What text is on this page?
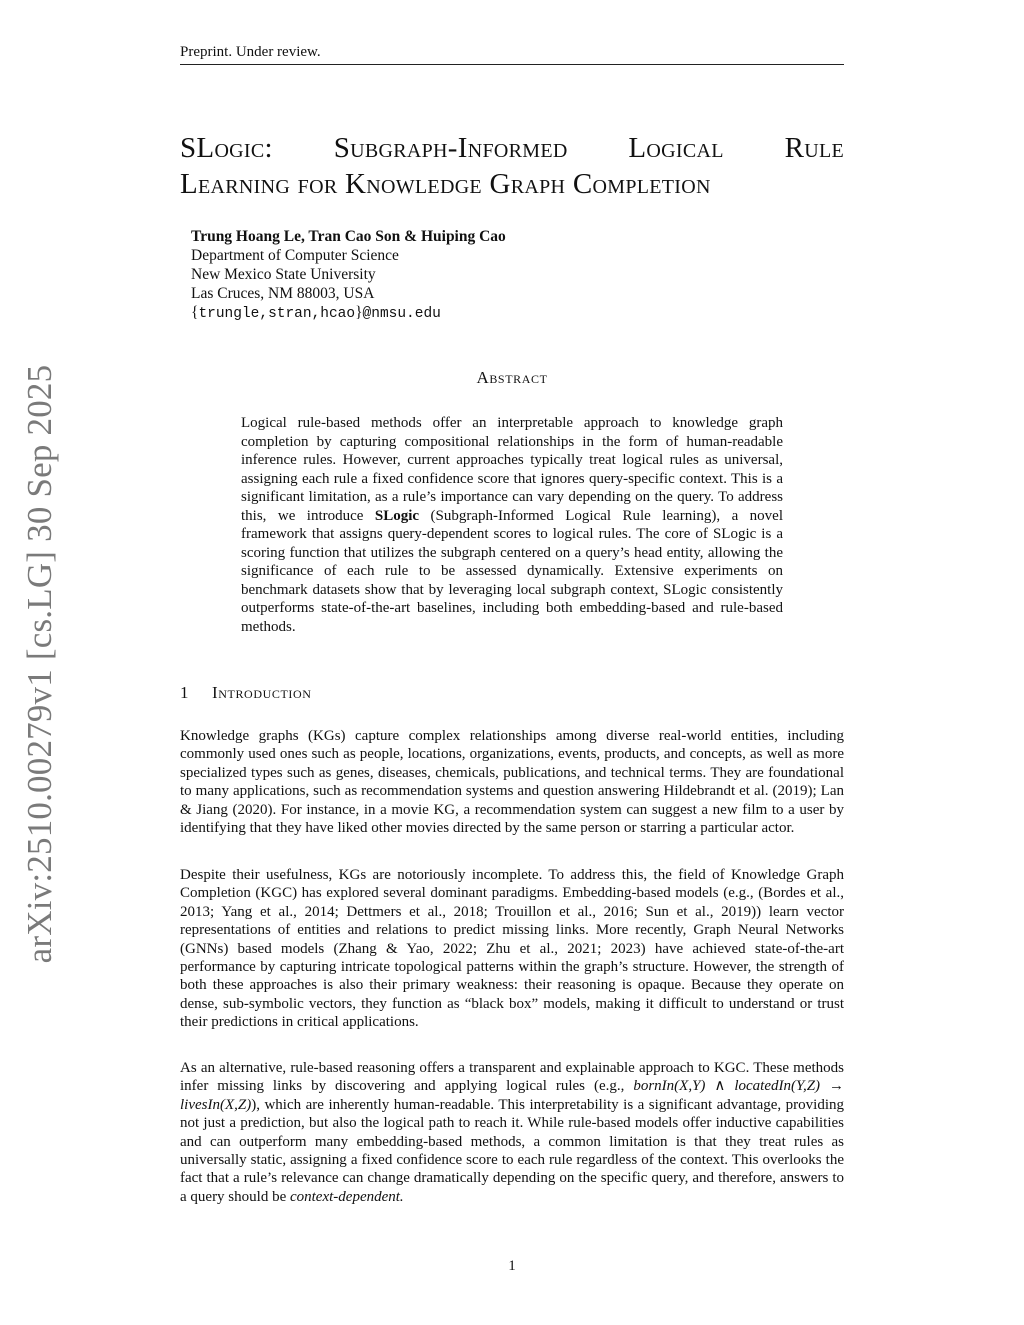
Preprint. Under review.
SLogic: Subgraph-Informed Logical Rule
Learning for Knowledge Graph Completion
Trung Hoang Le, Tran Cao Son & Huiping Cao
Department of Computer Science
New Mexico State University
Las Cruces, NM 88003, USA
{trungle,stran,hcao}@nmsu.edu
arXiv:2510.00279v1 [cs.LG] 30 Sep 2025	Abstract
Logical rule-based methods offer an interpretable approach to knowledge graph completion by capturing compositional relationships in the form of human-readable inference rules. However, current approaches typically treat logical rules as universal, assigning each rule a fixed confidence score that ignores query-specific context. This is a significant limitation, as a rule’s importance can vary depending on the query. To address this, we introduce SLogic (Subgraph-Informed Logical Rule learning), a novel framework that assigns query-dependent scores to logical rules. The core of SLogic is a scoring function that utilizes the subgraph centered on a query’s head entity, allowing the significance of each rule to be assessed dynamically. Extensive experiments on benchmark datasets show that by leveraging local subgraph context, SLogic consistently outperforms state-of-the-art baselines, including both embedding-based and rule-based methods.
1 Introduction

Knowledge graphs (KGs) capture complex relationships among diverse real-world entities, including commonly used ones such as people, locations, organizations, events, products, and concepts, as well as more specialized types such as genes, diseases, chemicals, publications, and technical terms. They are foundational to many applications, such as recommendation systems and question answering Hildebrandt et al. (2019); Lan & Jiang (2020). For instance, in a movie KG, a recommendation system can suggest a new film to a user by identifying that they have liked other movies directed by the same person or starring a particular actor.

Despite their usefulness, KGs are notoriously incomplete. To address this, the field of Knowledge Graph Completion (KGC) has explored several dominant paradigms. Embedding-based models (e.g., (Bordes et al., 2013; Yang et al., 2014; Dettmers et al., 2018; Trouillon et al., 2016; Sun et al., 2019)) learn vector representations of entities and relations to predict missing links. More recently, Graph Neural Networks (GNNs) based models (Zhang & Yao, 2022; Zhu et al., 2021; 2023) have achieved state-of-the-art performance by capturing intricate topological patterns within the graph’s structure. However, the strength of both these approaches is also their primary weakness: their reasoning is opaque. Because they operate on dense, sub-symbolic vectors, they function as “black box” models, making it difficult to understand or trust their predictions in critical applications.

As an alternative, rule-based reasoning offers a transparent and explainable approach to KGC. These methods infer missing links by discovering and applying logical rules (e.g., bornIn(X,Y) ∧ locatedIn(Y,Z) → livesIn(X,Z)), which are inherently human-readable. This interpretability is a significant advantage, providing not just a prediction, but also the logical path to reach it. While rule-based models offer inductive capabilities and can outperform many embedding-based methods, a common limitation is that they treat rules as universally static, assigning a fixed confidence score to each rule regardless of the context. This overlooks the fact that a rule’s relevance can change dramatically depending on the specific query, and therefore, answers to a query should be context-dependent.

1
